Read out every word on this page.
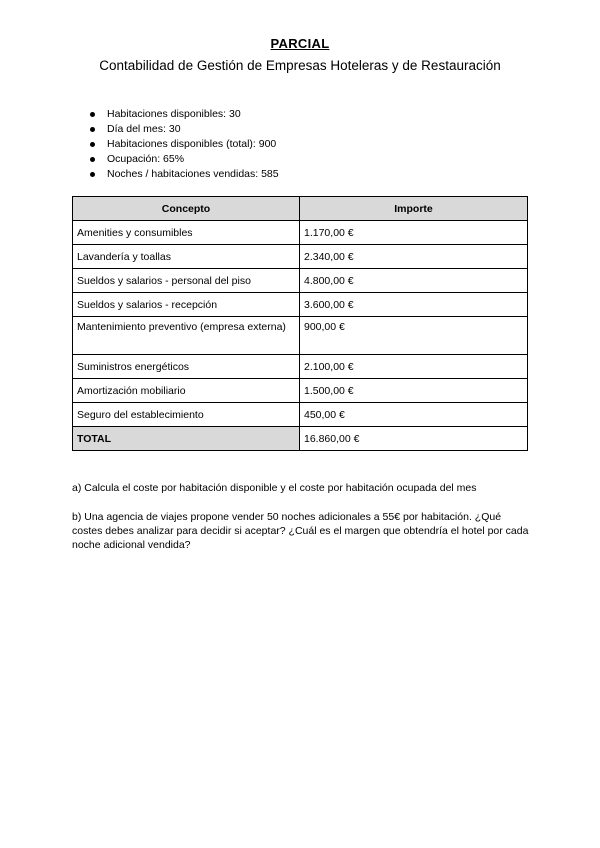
PARCIAL
Contabilidad de Gestión de Empresas Hoteleras y de Restauración
Habitaciones disponibles: 30
Día del mes: 30
Habitaciones disponibles (total): 900
Ocupación: 65%
Noches / habitaciones vendidas: 585
Concepto	Importe
Amenities y consumibles	1.170,00 €
Lavandería y toallas	2.340,00 €
Sueldos y salarios - personal del piso	4.800,00 €
Sueldos y salarios - recepción	3.600,00 €
Mantenimiento preventivo (empresa externa)	900,00 €
Suministros energéticos	2.100,00 €
Amortización mobiliario	1.500,00 €
Seguro del establecimiento	450,00 €
TOTAL	16.860,00 €

a) Calcula el coste por habitación disponible y el coste por habitación ocupada del mes

b) Una agencia de viajes propone vender 50 noches adicionales a 55€ por habitación. ¿Qué costes debes analizar para decidir si aceptar? ¿Cuál es el margen que obtendría el hotel por cada noche adicional vendida?
